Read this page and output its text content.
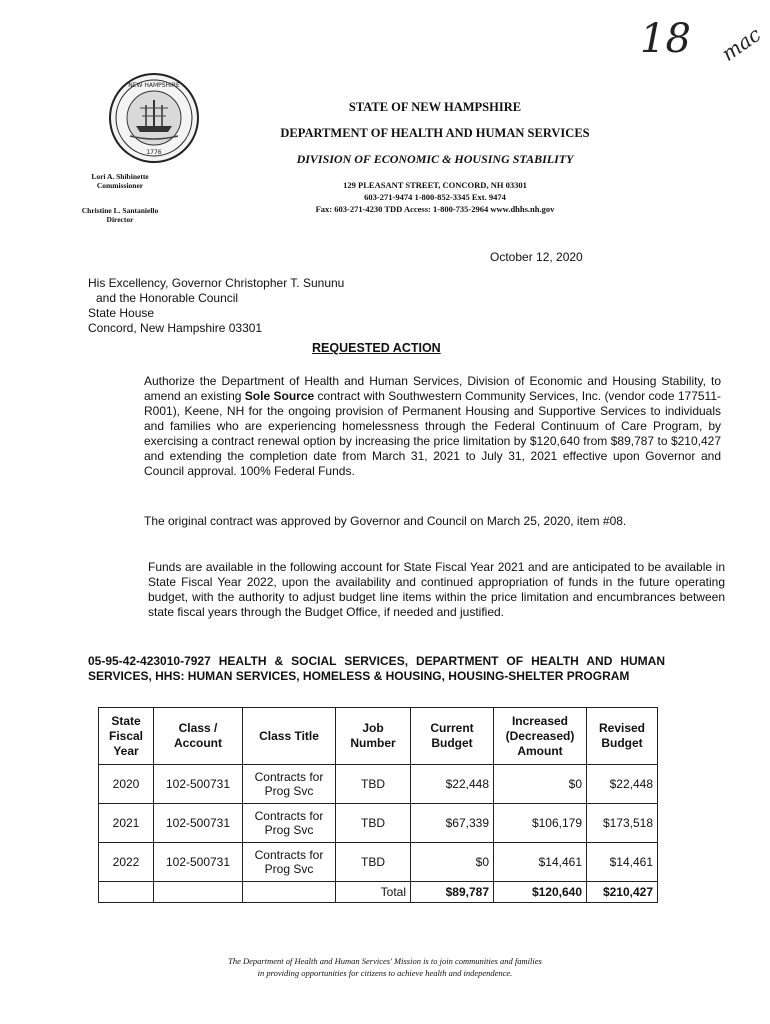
18 mac
NEW HAMPSHIRE
1776
STATE OF NEW HAMPSHIRE
DEPARTMENT OF HEALTH AND HUMAN SERVICES
DIVISION OF ECONOMIC & HOUSING STABILITY
129 PLEASANT STREET, CONCORD, NH 03301
603-271-9474 1-800-852-3345 Ext. 9474
Fax: 603-271-4230 TDD Access: 1-800-735-2964 www.dhhs.nh.gov
Lori A. Shibinette
Commissioner
Christine L. Santaniello
Director
October 12, 2020
His Excellency, Governor Christopher T. Sununu
and the Honorable Council
State House
Concord, New Hampshire 03301
REQUESTED ACTION
Authorize the Department of Health and Human Services, Division of Economic and Housing Stability, to amend an existing Sole Source contract with Southwestern Community Services, Inc. (vendor code 177511- R001), Keene, NH for the ongoing provision of Permanent Housing and Supportive Services to individuals and families who are experiencing homelessness through the Federal Continuum of Care Program, by exercising a contract renewal option by increasing the price limitation by $120,640 from $89,787 to $210,427 and extending the completion date from March 31, 2021 to July 31, 2021 effective upon Governor and Council approval. 100% Federal Funds.
The original contract was approved by Governor and Council on March 25, 2020, item #08.
Funds are available in the following account for State Fiscal Year 2021 and are anticipated to be available in State Fiscal Year 2022, upon the availability and continued appropriation of funds in the future operating budget, with the authority to adjust budget line items within the price limitation and encumbrances between state fiscal years through the Budget Office, if needed and justified.
05-95-42-423010-7927 HEALTH & SOCIAL SERVICES, DEPARTMENT OF HEALTH AND HUMAN SERVICES, HHS: HUMAN SERVICES, HOMELESS & HOUSING, HOUSING-SHELTER PROGRAM
State Fiscal Year	Class / Account	Class Title	Job Number	Current Budget	Increased (Decreased) Amount	Revised Budget
2020	102-500731	Contracts for Prog Svc	TBD	$22,448	$0	$22,448
2021	102-500731	Contracts for Prog Svc	TBD	$67,339	$106,179	$173,518
2022	102-500731	Contracts for Prog Svc	TBD	$0	$14,461	$14,461
			Total	$89,787	$120,640	$210,427
The Department of Health and Human Services' Mission is to join communities and families
in providing opportunities for citizens to achieve health and independence.
